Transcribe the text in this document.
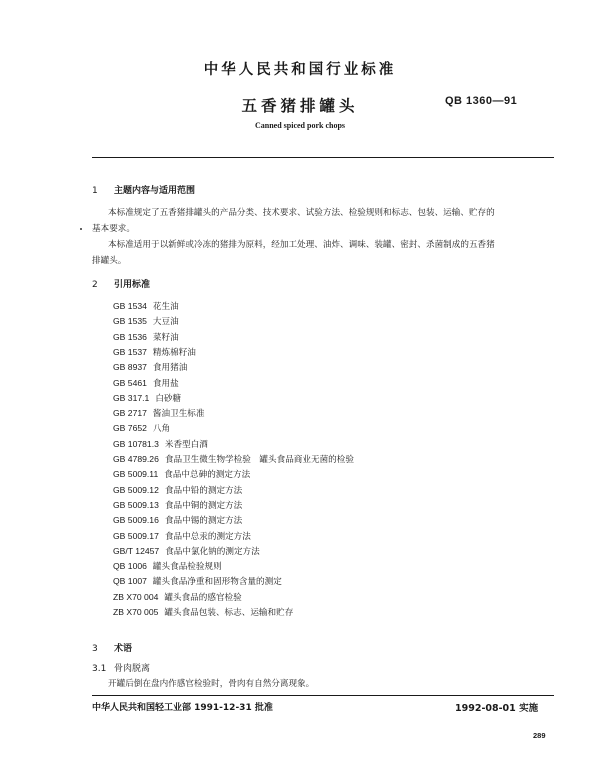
中华人民共和国行业标准
五香猪排罐头	QB 1360—91
Canned spiced pork chops
1 主题内容与适用范围
本标准规定了五香猪排罐头的产品分类、技术要求、试验方法、检验规则和标志、包装、运输、贮存的
基本要求。
本标准适用于以新鲜或冷冻的猪排为原料，经加工处理、油炸、调味、装罐、密封、杀菌制成的五香猪
排罐头。
2 引用标准
GB 1534 花生油
GB 1535 大豆油
GB 1536 菜籽油
GB 1537 精炼棉籽油
GB 8937 食用猪油
GB 5461 食用盐
GB 317.1 白砂糖
GB 2717 酱油卫生标准
GB 7652 八角
GB 10781.3 米香型白酒
GB 4789.26 食品卫生微生物学检验　罐头食品商业无菌的检验
GB 5009.11 食品中总砷的测定方法
GB 5009.12 食品中铅的测定方法
GB 5009.13 食品中铜的测定方法
GB 5009.16 食品中锡的测定方法
GB 5009.17 食品中总汞的测定方法
GB/T 12457 食品中氯化钠的测定方法
QB 1006 罐头食品检验规则
QB 1007 罐头食品净重和固形物含量的测定
ZB X70 004 罐头食品的感官检验
ZB X70 005 罐头食品包装、标志、运输和贮存
3 术语
3.1 骨肉脱离
开罐后倒在盘内作感官检验时，骨肉有自然分离现象。
中华人民共和国轻工业部 1991-12-31 批准	1992-08-01 实施
289
